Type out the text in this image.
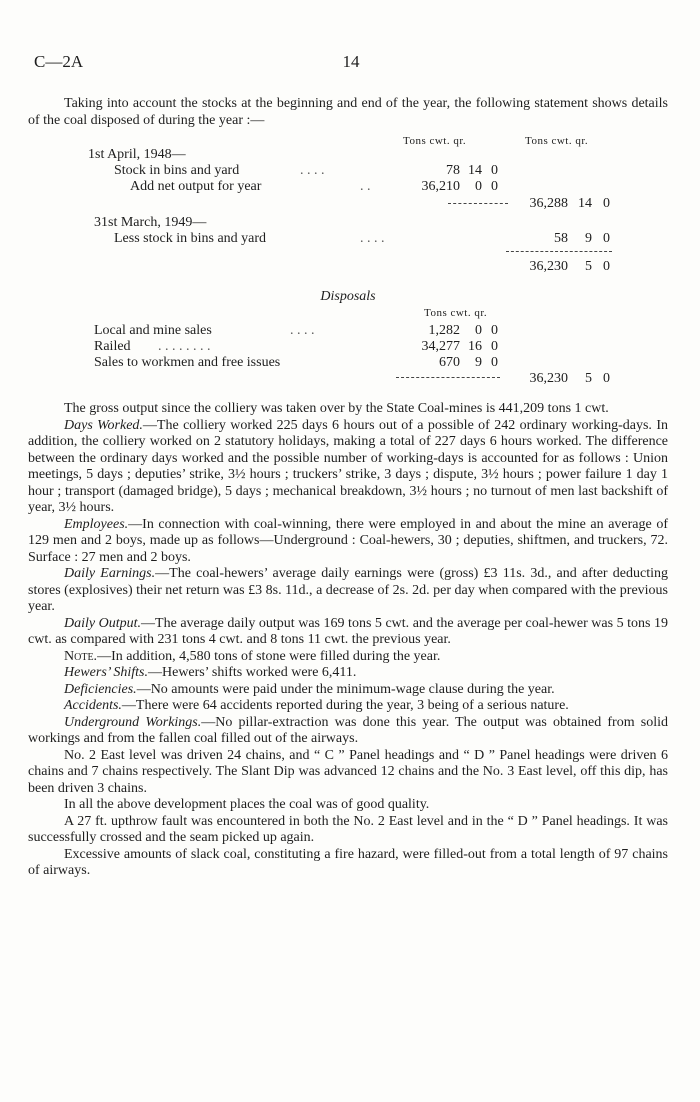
C—2A	14

Taking into account the stocks at the beginning and end of the year, the following statement shows details of the coal disposed of during the year :—

Tons cwt. qr.	Tons cwt. qr.
1st April, 1948—
Stock in bins and yard	. . . .	78 14 0
Add net output for year	. .	36,210	0 0
36,288 14 0
31st March, 1949—
Less stock in bins and yard	. . . .	58	9 0
36,230	5 0
Disposals
Tons cwt. qr.
Local and mine sales	. . . .	1,282	0 0
Railed . . . . . . . .	34,277 16 0
Sales to workmen and free issues	670	9 0
36,230	5 0

The gross output since the colliery was taken over by the State Coal-mines is 441,209 tons 1 cwt.

Days Worked.—The colliery worked 225 days 6 hours out of a possible of 242 ordinary working-days. In addition, the colliery worked on 2 statutory holidays, making a total of 227 days 6 hours worked. The difference between the ordinary days worked and the possible number of working-days is accounted for as follows : Union meetings, 5 days ; deputies’ strike, 3½ hours ; truckers’ strike, 3 days ; dispute, 3½ hours ; power failure 1 day 1 hour ; transport (damaged bridge), 5 days ; mechanical breakdown, 3½ hours ; no turnout of men last backshift of year, 3½ hours.

Employees.—In connection with coal-winning, there were employed in and about the mine an average of 129 men and 2 boys, made up as follows—Underground : Coal-hewers, 30 ; deputies, shiftmen, and truckers, 72. Surface : 27 men and 2 boys.

Daily Earnings.—The coal-hewers’ average daily earnings were (gross) £3 11s. 3d., and after deducting stores (explosives) their net return was £3 8s. 11d., a decrease of 2s. 2d. per day when compared with the previous year.

Daily Output.—The average daily output was 169 tons 5 cwt. and the average per coal-hewer was 5 tons 19 cwt. as compared with 231 tons 4 cwt. and 8 tons 11 cwt. the previous year.

Note.—In addition, 4,580 tons of stone were filled during the year.

Hewers’ Shifts.—Hewers’ shifts worked were 6,411.

Deficiencies.—No amounts were paid under the minimum-wage clause during the year.

Accidents.—There were 64 accidents reported during the year, 3 being of a serious nature.

Underground Workings.—No pillar-extraction was done this year. The output was obtained from solid workings and from the fallen coal filled out of the airways.

No. 2 East level was driven 24 chains, and “ C ” Panel headings and “ D ” Panel headings were driven 6 chains and 7 chains respectively. The Slant Dip was advanced 12 chains and the No. 3 East level, off this dip, has been driven 3 chains.

In all the above development places the coal was of good quality.

A 27 ft. upthrow fault was encountered in both the No. 2 East level and in the “ D ” Panel headings. It was successfully crossed and the seam picked up again.

Excessive amounts of slack coal, constituting a fire hazard, were filled-out from a total length of 97 chains of airways.
